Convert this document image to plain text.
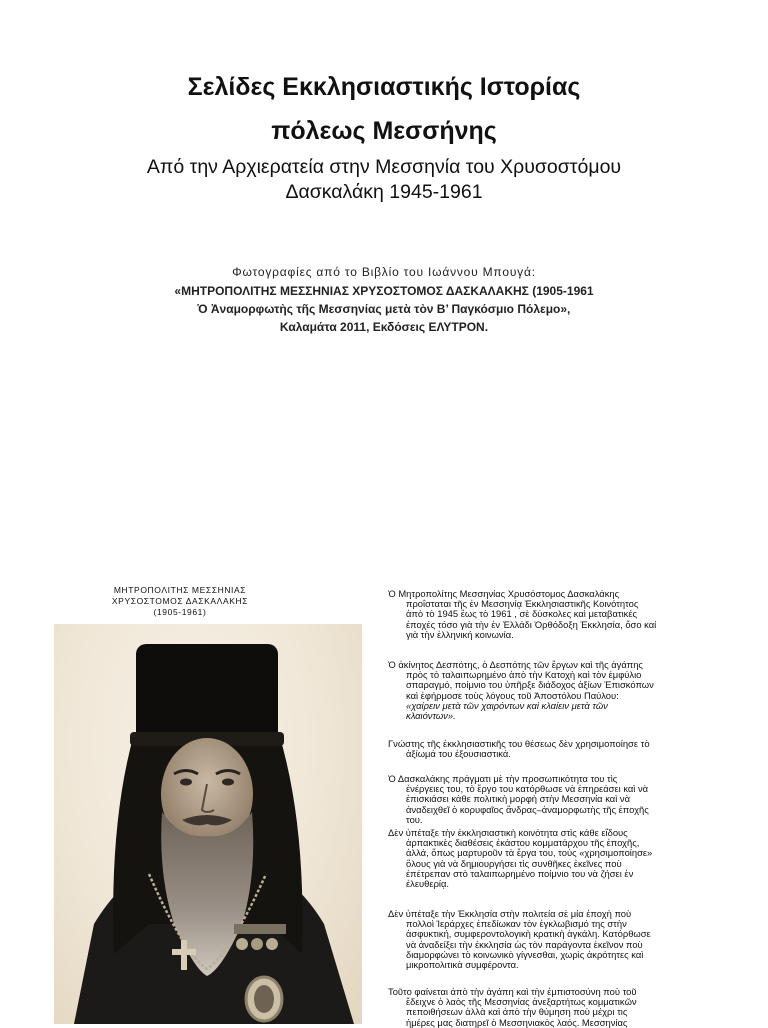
Σελίδες Εκκλησιαστικής Ιστορίας
πόλεως Μεσσήνης
Από την Αρχιερατεία στην Μεσσηνία του Χρυσοστόμου
Δασκαλάκη 1945-1961
Φωτογραφίες από το Βιβλίο του Ιωάννου Μπουγά:
«ΜΗΤΡΟΠΟΛΙΤΗΣ ΜΕΣΣΗΝΙΑΣ ΧΡΥΣΟΣΤΟΜΟΣ ΔΑΣΚΑΛΑΚΗΣ (1905-1961
Ὁ Ἀναμορφωτὴς τῆς Μεσσηνίας μετὰ τὸν Β’ Παγκόσμιο Πόλεμο»,
Καλαμάτα 2011, Εκδόσεις ΕΛΥΤΡΟΝ.
ΜΗΤΡΟΠΟΛΙΤΗΣ ΜΕΣΣΗΝΙΑΣ
ΧΡΥΣΟΣΤΟΜΟΣ ΔΑΣΚΑΛΑΚΗΣ
(1905-1961)
Ὁ Μητροπολίτης Μεσσηνίας Χρυσόστομος Δασκαλάκης
προΐσταται τῆς ἐν Μεσσηνίᾳ Ἐκκλησιαστικῆς Κοινότητος
ἀπὸ τὸ 1945 ἕως τὸ 1961 , σὲ δύσκολες καὶ μεταβατικές
ἐποχές τόσο γιὰ τὴν ἐν Ἑλλάδι Ὀρθόδοξη Ἐκκλησία, ὅσο καί
γιὰ τὴν ἑλληνική κοινωνία.
Ὁ ἀκίνητος Δεσπότης, ὁ Δεσπότης τῶν ἔργων καὶ τῆς ἀγάπης
πρὸς τὸ ταλαιπωρημένο ἀπὸ τὴν Κατοχὴ καὶ τὸν ἐμφύλιο
σπαραγμό, ποίμνιο του ὑπῆρξε διάδοχος ἀξίων Ἐπισκόπων
καὶ ἐφήρμοσε τοὺς λόγους τοῦ Ἀποστόλου Παύλου:
«χαίρειν μετὰ τῶν χαιρόντων καὶ κλαίειν μετὰ τῶν
κλαιόντων».
Γνώστης τῆς ἐκκλησιαστικῆς του θέσεως δὲν χρησιμοποίησε τὸ
ἀξίωμά του ἐξουσιαστικά.
Ὁ Δασκαλάκης πράγματι μὲ τὴν προσωπικότητα του τὶς
ἐνέργειες του, τὸ ἔργο του κατόρθωσε νὰ ἐπηρεάσει καὶ νὰ
ἐπισκιάσει κάθε πολιτικὴ μορφὴ στὴν Μεσσηνία καὶ νὰ
ἀναδειχθεῖ ὁ κορυφαῖος ἄνδρας–ἀναμορφωτὴς τῆς ἐποχῆς
του.
Δὲν ὑπέταξε τὴν ἐκκλησιαστικὴ κοινότητα στὶς κάθε εἴδους
ἁρπακτικὲς διαθέσεις ἑκάστου κομματάρχου τῆς ἐποχῆς,
ἀλλά, ὅπως μαρτυροῦν τὰ ἔργα του, τούς «χρησιμοποίησε»
ὅλους γιὰ νὰ δημιουργήσει τὶς συνθῆκες ἐκεῖνες ποὺ
ἐπέτρεπαν στὸ ταλαιπωρημένο ποίμνιο του νὰ ζήσει ἐν
ἐλευθερίᾳ.
Δὲν ὑπέταξε τὴν Ἐκκλησία στὴν πολιτεία σὲ μία ἐποχὴ ποὺ
πολλοὶ Ἱεράρχες ἐπεδίωκαν τὸν ἐγκλωβισμό της στὴν
ἀσφυκτική, συμφεροντολογικὴ κρατικὴ ἀγκάλη. Κατόρθωσε
νὰ ἀναδείξει τὴν ἐκκλησία ὡς τὸν παράγοντα ἐκεῖνον ποὺ
διαμορφώνει τὸ κοινωνικὸ γίγνεσθαι, χωρὶς ἀκρότητες καὶ
μικροπολιτικὰ συμφέροντα.
Τοῦτο φαίνεται ἀπὸ τὴν ἀγάπη καὶ τὴν ἐμπιστοσύνη ποὺ τοῦ
ἔδειχνε ὁ λαὸς τῆς Μεσσηνίας ἀνεξαρτήτως κομματικῶν
πεποιθήσεων ἀλλὰ καὶ ἀπὸ τὴν θύμηση ποὺ μέχρι τις
ἡμέρες μας διατηρεῖ ὁ Μεσσηνιακὸς λαός. Μεσσηνίας
